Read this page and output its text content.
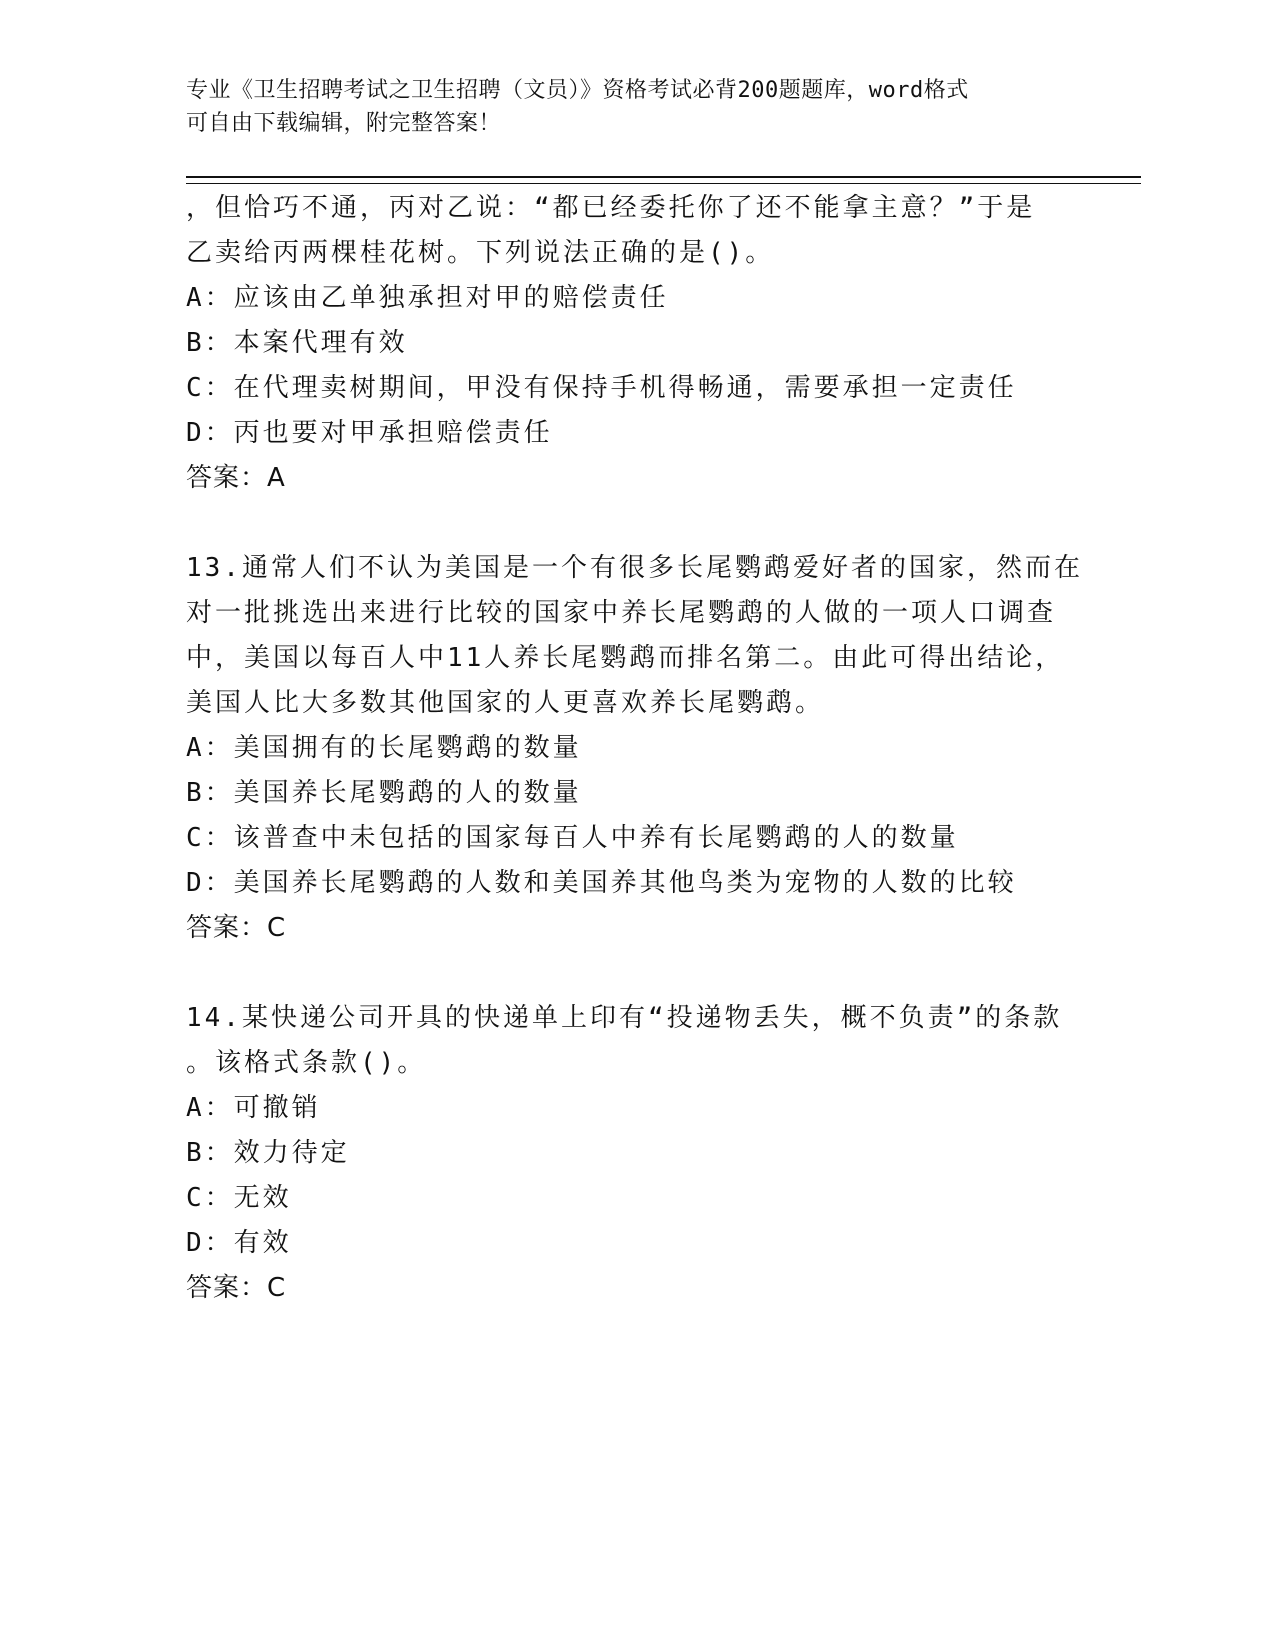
专业《卫生招聘考试之卫生招聘（文员）》资格考试必背200题题库，word格式
可自由下载编辑，附完整答案！
，但恰巧不通，丙对乙说：“都已经委托你了还不能拿主意？”于是
乙卖给丙两棵桂花树。下列说法正确的是()。
A：应该由乙单独承担对甲的赔偿责任
B：本案代理有效
C：在代理卖树期间，甲没有保持手机得畅通，需要承担一定责任
D：丙也要对甲承担赔偿责任
答案：A
13.通常人们不认为美国是一个有很多长尾鹦鹉爱好者的国家，然而在
对一批挑选出来进行比较的国家中养长尾鹦鹉的人做的一项人口调查
中，美国以每百人中11人养长尾鹦鹉而排名第二。由此可得出结论，
美国人比大多数其他国家的人更喜欢养长尾鹦鹉。
A：美国拥有的长尾鹦鹉的数量
B：美国养长尾鹦鹉的人的数量
C：该普查中未包括的国家每百人中养有长尾鹦鹉的人的数量
D：美国养长尾鹦鹉的人数和美国养其他鸟类为宠物的人数的比较
答案：C
14.某快递公司开具的快递单上印有“投递物丢失，概不负责”的条款
。该格式条款()。
A：可撤销
B：效力待定
C：无效
D：有效
答案：C
